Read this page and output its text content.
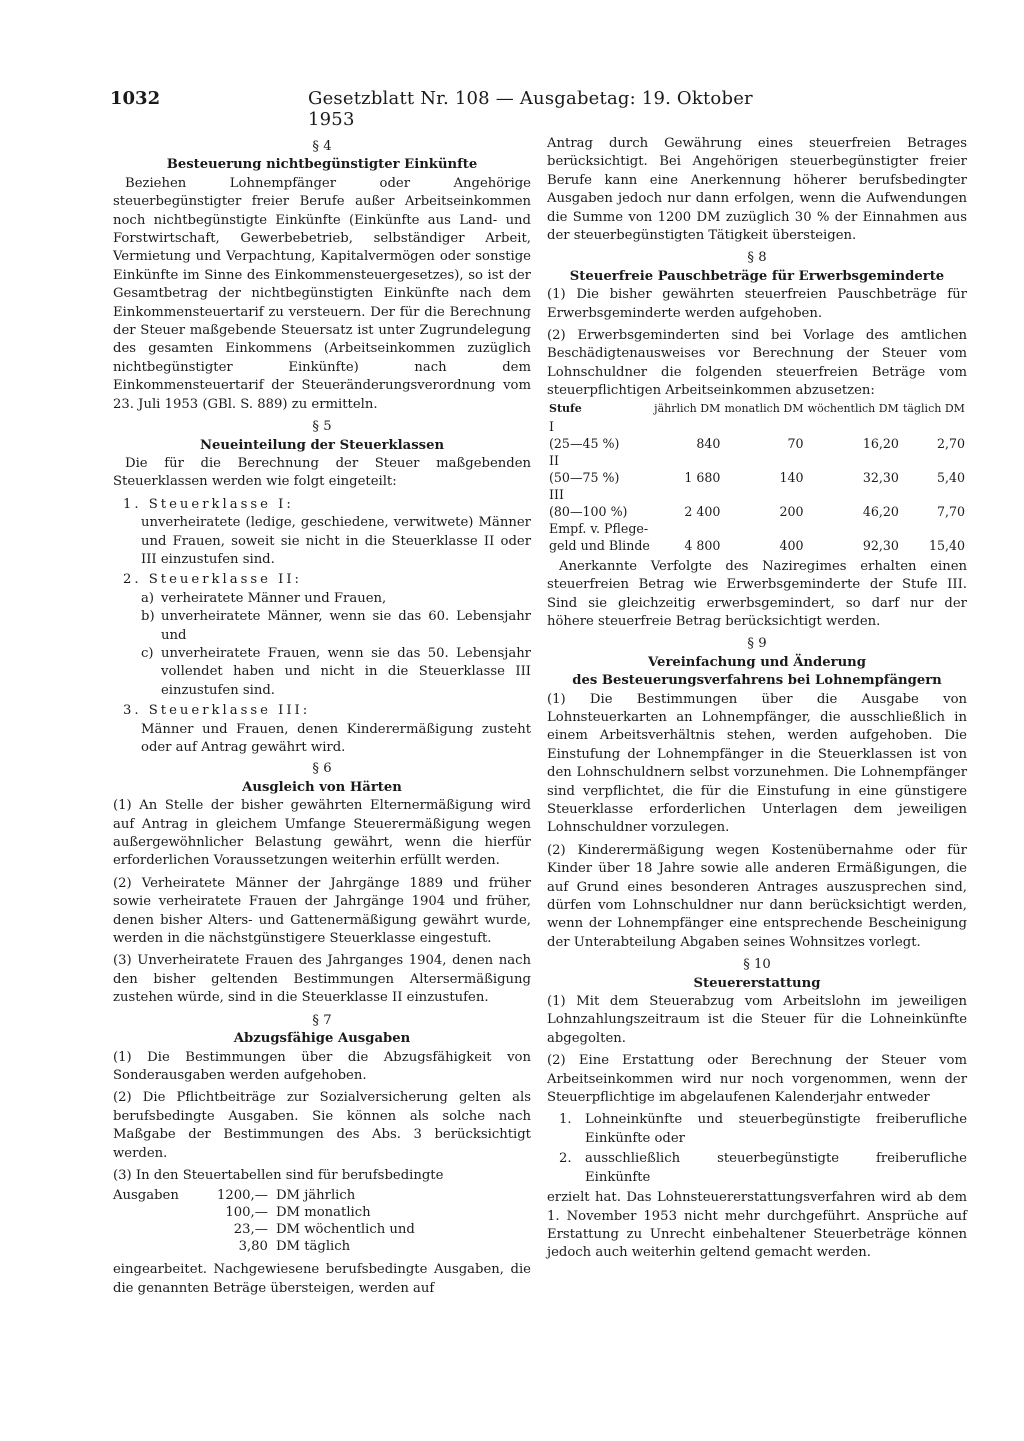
1032	Gesetzblatt Nr. 108 — Ausgabetag: 19. Oktober 1953
§ 4
Besteuerung nichtbegünstigter Einkünfte

Beziehen Lohnempfänger oder Angehörige steuerbegünstigter freier Berufe außer Arbeitseinkommen noch nichtbegünstigte Einkünfte (Einkünfte aus Land- und Forstwirtschaft, Gewerbebetrieb, selbständiger Arbeit, Vermietung und Verpachtung, Kapitalvermögen oder sonstige Einkünfte im Sinne des Einkommensteuergesetzes), so ist der Gesamtbetrag der nichtbegünstigten Einkünfte nach dem Einkommensteuertarif zu versteuern. Der für die Berechnung der Steuer maßgebende Steuersatz ist unter Zugrundelegung des gesamten Einkommens (Arbeitseinkommen zuzüglich nichtbegünstigter Einkünfte) nach dem Einkommensteuertarif der Steueränderungsverordnung vom 23. Juli 1953 (GBl. S. 889) zu ermitteln.

§ 5
Neueinteilung der Steuerklassen

Die für die Berechnung der Steuer maßgebenden Steuerklassen werden wie folgt eingeteilt:

1. Steuerklasse I:
unverheiratete (ledige, geschiedene, verwitwete) Männer und Frauen, soweit sie nicht in die Steuerklasse II oder III einzustufen sind.
2. Steuerklasse II:
a) verheiratete Männer und Frauen,
b) unverheiratete Männer, wenn sie das 60. Lebensjahr und
c) unverheiratete Frauen, wenn sie das 50. Lebensjahr vollendet haben und nicht in die Steuerklasse III einzustufen sind.
3. Steuerklasse III:
Männer und Frauen, denen Kinderermäßigung zusteht oder auf Antrag gewährt wird.
§ 6
Ausgleich von Härten

(1) An Stelle der bisher gewährten Elternermäßigung wird auf Antrag in gleichem Umfange Steuerermäßigung wegen außergewöhnlicher Belastung gewährt, wenn die hierfür erforderlichen Voraussetzungen weiterhin erfüllt werden.

(2) Verheiratete Männer der Jahrgänge 1889 und früher sowie verheiratete Frauen der Jahrgänge 1904 und früher, denen bisher Alters- und Gattenermäßigung gewährt wurde, werden in die nächstgünstigere Steuerklasse eingestuft.

(3) Unverheiratete Frauen des Jahrganges 1904, denen nach den bisher geltenden Bestimmungen Altersermäßigung zustehen würde, sind in die Steuerklasse II einzustufen.

§ 7
Abzugsfähige Ausgaben

(1) Die Bestimmungen über die Abzugsfähigkeit von Sonderausgaben werden aufgehoben.

(2) Die Pflichtbeiträge zur Sozialversicherung gelten als berufsbedingte Ausgaben. Sie können als solche nach Maßgabe der Bestimmungen des Abs. 3 berücksichtigt werden.

(3) In den Steuertabellen sind für berufsbedingte

Ausgaben	1200,—	DM jährlich
100,—	DM monatlich
23,—	DM wöchentlich und
3,80	DM täglich

eingearbeitet. Nachgewiesene berufsbedingte Ausgaben, die die genannten Beträge übersteigen, werden auf

Antrag durch Gewährung eines steuerfreien Betrages berücksichtigt. Bei Angehörigen steuerbegünstigter freier Berufe kann eine Anerkennung höherer berufsbedingter Ausgaben jedoch nur dann erfolgen, wenn die Aufwendungen die Summe von 1200 DM zuzüglich 30 % der Einnahmen aus der steuerbegünstigten Tätigkeit übersteigen.

§ 8
Steuerfreie Pauschbeträge für Erwerbsgeminderte

(1) Die bisher gewährten steuerfreien Pauschbeträge für Erwerbsgeminderte werden aufgehoben.

(2) Erwerbsgeminderten sind bei Vorlage des amtlichen Beschädigtenausweises vor Berechnung der Steuer vom Lohnschuldner die folgenden steuerfreien Beträge vom steuerpflichtigen Arbeitseinkommen abzusetzen:

Stufe	jährlich DM	monatlich DM	wöchentlich DM	täglich DM
I				
(25—45 %)	840	70	16,20	2,70
II				
(50—75 %)	1 680	140	32,30	5,40
III				
(80—100 %)	2 400	200	46,20	7,70
Empf. v. Pflege-				
geld und Blinde	4 800	400	92,30	15,40

Anerkannte Verfolgte des Naziregimes erhalten einen steuerfreien Betrag wie Erwerbsgeminderte der Stufe III. Sind sie gleichzeitig erwerbsgemindert, so darf nur der höhere steuerfreie Betrag berücksichtigt werden.

§ 9
Vereinfachung und Änderung
des Besteuerungsverfahrens bei Lohnempfängern

(1) Die Bestimmungen über die Ausgabe von Lohnsteuerkarten an Lohnempfänger, die ausschließlich in einem Arbeitsverhältnis stehen, werden aufgehoben. Die Einstufung der Lohnempfänger in die Steuerklassen ist von den Lohnschuldnern selbst vorzunehmen. Die Lohnempfänger sind verpflichtet, die für die Einstufung in eine günstigere Steuerklasse erforderlichen Unterlagen dem jeweiligen Lohnschuldner vorzulegen.

(2) Kinderermäßigung wegen Kostenübernahme oder für Kinder über 18 Jahre sowie alle anderen Ermäßigungen, die auf Grund eines besonderen Antrages auszusprechen sind, dürfen vom Lohnschuldner nur dann berücksichtigt werden, wenn der Lohnempfänger eine entsprechende Bescheinigung der Unterabteilung Abgaben seines Wohnsitzes vorlegt.

§ 10
Steuererstattung

(1) Mit dem Steuerabzug vom Arbeitslohn im jeweiligen Lohnzahlungszeitraum ist die Steuer für die Lohneinkünfte abgegolten.

(2) Eine Erstattung oder Berechnung der Steuer vom Arbeitseinkommen wird nur noch vorgenommen, wenn der Steuerpflichtige im abgelaufenen Kalenderjahr entweder

1.	Lohneinkünfte und steuerbegünstigte freiberufliche Einkünfte oder
2.	ausschließlich steuerbegünstigte freiberufliche Einkünfte

erzielt hat. Das Lohnsteuererstattungsverfahren wird ab dem 1. November 1953 nicht mehr durchgeführt. Ansprüche auf Erstattung zu Unrecht einbehaltener Steuerbeträge können jedoch auch weiterhin geltend gemacht werden.
